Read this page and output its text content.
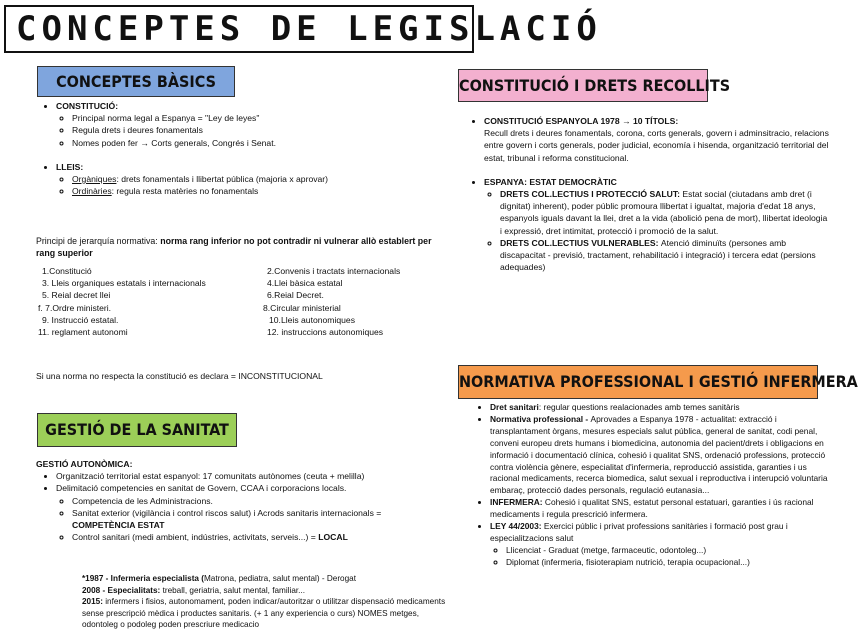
CONCEPTES DE LEGISLACIÓ
CONCEPTES BÀSICS
• CONSTITUCIÓ:
◦ Principal norma legal a Espanya = "Ley de leyes"
◦ Regula drets i deures fonamentals
◦ Nomes poden fer → Corts generals, Congrés i Senat.
• LLEIS:
◦ Orgàniques: drets fonamentals i llibertat pública (majoria x aprovar)
◦ Ordinàries: regula resta matèries no fonamentals
Principi de jerarquía normativa: norma rang inferior no pot contradir ni vulnerar allò establert per rang superior
1.Constitució	2.Convenis i tractats internacionals
3. Lleis organiques estatals i internacionals	4.Llei bàsica estatal
5. Reial decret llei	6.Reial Decret.
f. 7.Ordre ministeri.	8.Circular ministerial
9. Instrucció estatal.	10.Lleis autonomiques
11. reglament autonomi	12. instruccions autonomiques
Si una norma no respecta la constitució es declara = INCONSTITUCIONAL
GESTIÓ DE LA SANITAT
GESTIÓ AUTONÒMICA:
• Organització territorial estat espanyol: 17 comunitats autònomes (ceuta + melilla)
• Delimitació competencies en sanitat de Govern, CCAA i corporacions locals.
◦ Competencia de les Administracions.
◦ Sanitat exterior (vigilància i control riscos salut) i Acrods sanitaris internacionals = COMPETÈNCIA ESTAT
◦ Control sanitari (medi ambient, indústries, activitats, serveis...) = LOCAL
*1987 - Infermeria especialista (Matrona, pediatra, salut mental) - Derogat
2008 - Especialitats: treball, geriatria, salut mental, familiar...
2015: infermers i fisios, autonomament, poden indicar/autoritzar o utilitzar dispensació medicaments sense prescripció mèdica i productes sanitaris. (+ 1 any experiencia o curs) NOMES metges, odontoleg o podoleg poden prescriure medicacio
CONSTITUCIÓ I DRETS RECOLLITS
• CONSTITUCIÓ ESPANYOLA 1978 → 10 TÍTOLS:
Recull drets i deures fonamentals, corona, corts generals, govern i adminsitracio, relacions entre govern i corts generals, poder judicial, economía i hisenda, organització territorial del estat, tribunal i reforma constitucional.
• ESPANYA: ESTAT DEMOCRÀTIC
◦ DRETS COL.LECTIUS I PROTECCIÓ SALUT: Estat social (ciutadans amb dret (i dignitat) inherent), poder públic promoura llibertat i igualtat, majoria d'edat 18 anys, espanyols iguals davant la llei, dret a la vida (abolició pena de mort), llibertat ideologia i expressió, dret intimitat, protecció i promoció de la salut.
◦ DRETS COL.LECTIUS VULNERABLES: Atenció diminuïts (persones amb discapacitat - previsió, tractament, rehabilitació i integració) i tercera edat (persions adequades)
NORMATIVA PROFESSIONAL I GESTIÓ INFERMERA
• Dret sanitari: regular questions realacionades amb temes sanitàris
• Normativa professional - Aprovades a Espanya 1978 - actualitat: extracció i transplantament òrgans, mesures especials salut pública, general de sanitat, codi penal, conveni europeu drets humans i biomedicina, autonomia del pacient/drets i obligacions en informació i documentació clínica, cohesió i qualitat SNS, ordenació professions, protecció contra violència gènere, especialitat d'infermeria, reproducció assistida, garanties i us racional medicaments, recerca biomedica, salut sexual i reproductiva i interupció voluntaria embaraç, protecció dades personals, regulació eutanasia...
• INFERMERA: Cohesió i qualitat SNS, estatut personal estatuari, garanties i ús racional medicaments i regula prescrició infermera.
• LEY 44/2003: Exercici públic i privat professions sanitàries i formació post grau i especialitzacions salut
◦ Llicenciat - Graduat (metge, farmaceutic, odontoleg...)
◦ Diplomat (infermeria, fisioterapiam nutrició, terapia ocupacional...)
